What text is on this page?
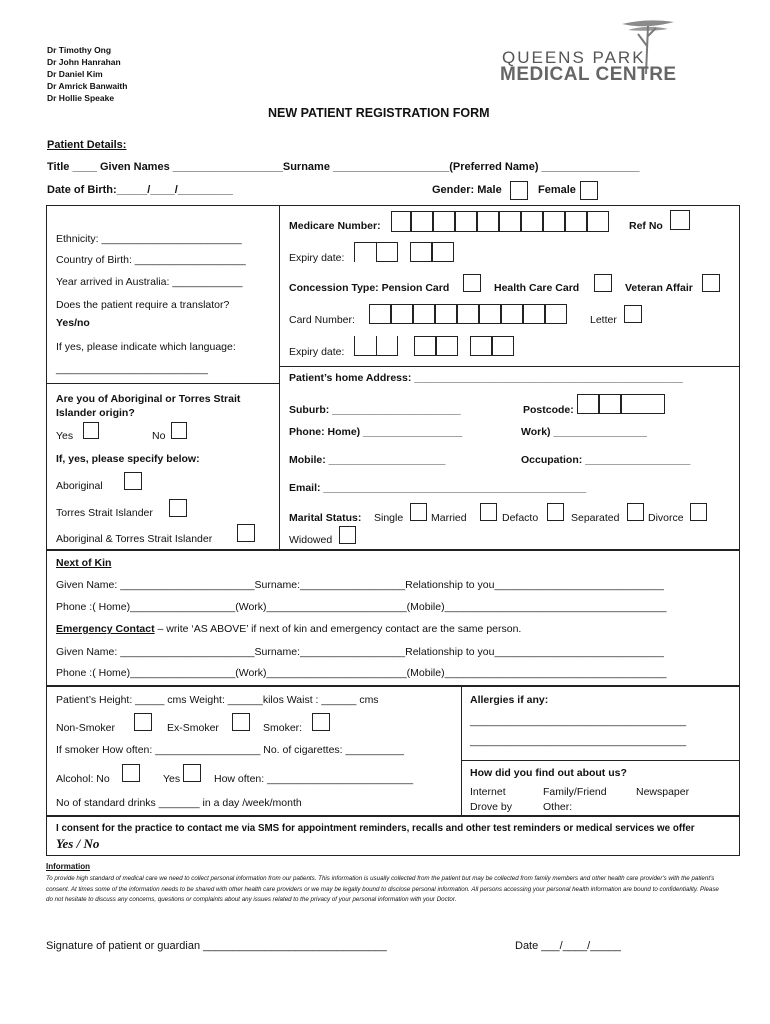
Dr Timothy Ong
Dr John Hanrahan
Dr Daniel Kim
Dr Amrick Banwaith
Dr Hollie Speake
QUEENS PARK
MEDICAL CENTRE
NEW PATIENT REGISTRATION FORM
Patient Details:
Title ____ Given Names __________________Surname ___________________(Preferred Name) ________________
Date of Birth:_____/____/_________	Gender: Male	Female
Ethnicity: ________________________
Country of Birth: ___________________
Year arrived in Australia: ____________
Does the patient require a translator?
Yes/no
If yes, please indicate which language:
__________________________
Are you of Aboriginal or Torres Strait
Islander origin?
Yes	No
If, yes, please specify below:
Aboriginal
Torres Strait Islander
Aboriginal & Torres Strait Islander
Medicare Number:	Ref No
Expiry date:
Concession Type: Pension Card	Health Care Card	Veteran Affair
Card Number:	Letter
Expiry date:
Patient’s home Address: ______________________________________________
Suburb: ______________________	Postcode:
Phone: Home) _________________	Work) ________________
Mobile: ____________________	Occupation: __________________
Email: _____________________________________________
Marital Status: Single	Married	Defacto	Separated	Divorce
Widowed
Next of Kin
Given Name: _______________________Surname:__________________Relationship to you_____________________________
Phone :( Home)__________________(Work)________________________(Mobile)______________________________________
Emergency Contact – write ‘AS ABOVE’ if next of kin and emergency contact are the same person.
Given Name: _______________________Surname:__________________Relationship to you_____________________________
Phone :( Home)__________________(Work)________________________(Mobile)______________________________________
Patient’s Height: _____ cms Weight: ______kilos Waist : ______ cms
Non-Smoker	Ex-Smoker	Smoker:
If smoker How often: __________________ No. of cigarettes: __________
Alcohol: No	Yes	How often: _________________________
No of standard drinks _______ in a day /week/month
Allergies if any:
_____________________________________
_____________________________________
How did you find out about us?
Internet	Family/Friend	Newspaper
Drove by	Other:
I consent for the practice to contact me via SMS for appointment reminders, recalls and other test reminders or medical services we offer
Yes / No
Information
To provide high standard of medical care we need to collect personal information from our patients. This information is usually collected from the patient but may be collected from family members and other health care provider's with the patient's consent. At times some of the information needs to be shared with other health care providers or we may be legally bound to disclose personal information. All persons accessing your personal health information are bound to confidentiality. Please do not hesitate to discuss any concerns, questions or complaints about any issues related to the privacy of your personal information with your Doctor.
Signature of patient or guardian ______________________________	Date ___/____/_____
